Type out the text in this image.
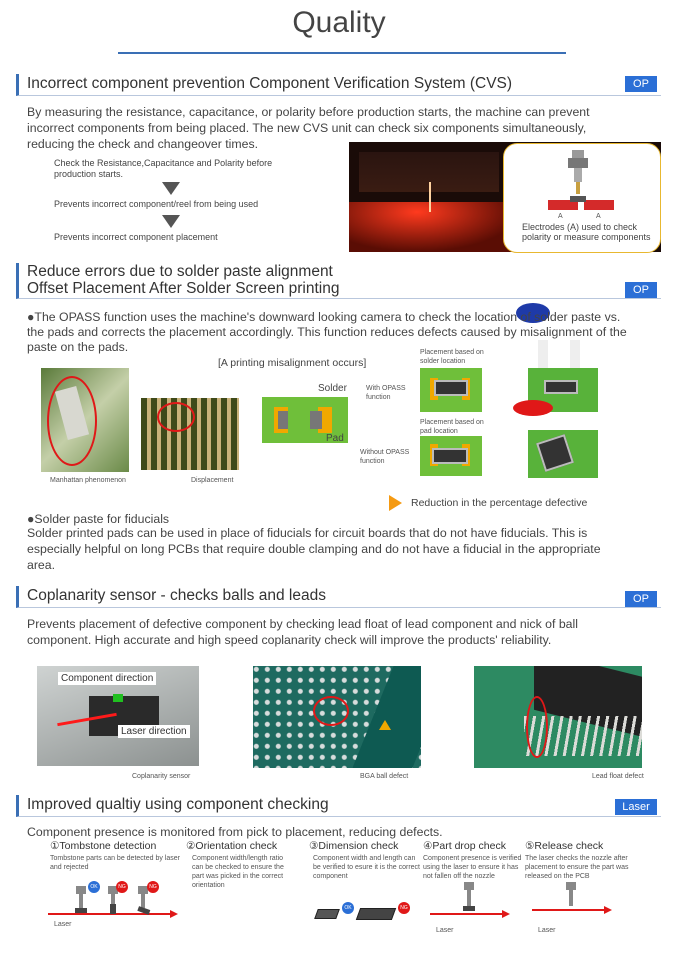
Quality
Incorrect component prevention Component Verification System (CVS)	OP
By measuring the resistance, capacitance, or polarity before production starts, the machine can prevent incorrect components from being placed. The new CVS unit can check six components simultaneously, reducing the check and changeover times.
Check the Resistance,Capacitance and Polarity before production starts.
Prevents incorrect component/reel from being used
Prevents incorrect component placement
A	A
Electrodes (A) used to check polarity or measure components
Reduce errors due to solder paste alignment
Offset Placement After Solder Screen printing	OP
●The OPASS function uses the machine's downward looking camera to check the location of solder paste vs. the pads and corrects the placement accordingly. This function reduces defects caused by misalignment of the paste on the pads.
Manhattan phenomenon	Displacement
[A printing misalignment occurs]
Solder
Pad
With OPASS function
Without OPASS function
Placement based on solder location
Placement based on pad location
Reduction in the percentage defective
●Solder paste for fiducials
Solder printed pads can be used in place of fiducials for circuit boards that do not have fiducials. This is especially helpful on long PCBs that require double clamping and do not have a fiducial in the appropriate area.
Coplanarity sensor - checks balls and leads	OP
Prevents placement of defective component by checking lead float of lead component and nick of ball component. High accurate and high speed coplanarity check will improve the products' reliability.
Component direction
Laser direction
Coplanarity sensor	BGA ball defect	Lead float defect
Improved qualtiy using component checking	Laser
Component presence is monitored from pick to placement, reducing defects.
①Tombstone detection
Tombstone parts can be detected by laser and rejected
②Orientation check
Component width/length ratio can be checked to ensure the part was picked in the correct orientation
③Dimension check
Component width and length can be verified to esure it is the correct component
④Part drop check
Component presence is verified using the laser to ensure it has not fallen off the nozzle
⑤Release check
The laser checks the nozzle after placement to ensure the part was released on the PCB
OK	NG	NG
Laser
OK	NG
Laser	Laser
